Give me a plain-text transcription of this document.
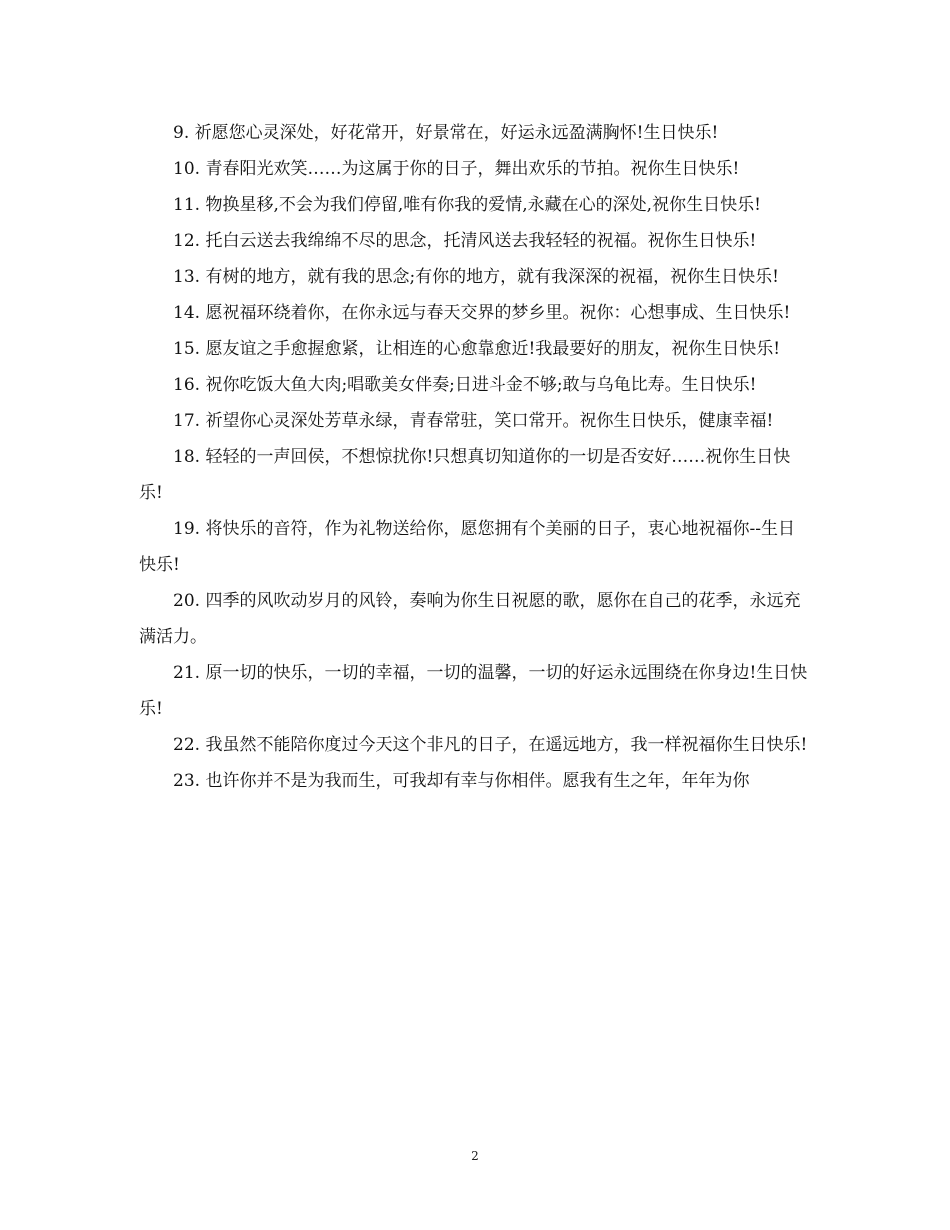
9. 祈愿您心灵深处，好花常开，好景常在，好运永远盈满胸怀!生日快乐!

10. 青春阳光欢笑……为这属于你的日子，舞出欢乐的节拍。祝你生日快乐!

11. 物换星移,不会为我们停留,唯有你我的爱情,永藏在心的深处,祝你生日快乐!

12. 托白云送去我绵绵不尽的思念，托清风送去我轻轻的祝福。祝你生日快乐!

13. 有树的地方，就有我的思念;有你的地方，就有我深深的祝福，祝你生日快乐!

14. 愿祝福环绕着你，在你永远与春天交界的梦乡里。祝你：心想事成、生日快乐!

15. 愿友谊之手愈握愈紧，让相连的心愈靠愈近!我最要好的朋友，祝你生日快乐!

16. 祝你吃饭大鱼大肉;唱歌美女伴奏;日进斗金不够;敢与乌龟比寿。生日快乐!

17. 祈望你心灵深处芳草永绿，青春常驻，笑口常开。祝你生日快乐，健康幸福!

18. 轻轻的一声回侯，不想惊扰你!只想真切知道你的一切是否安好……祝你生日快乐!

19. 将快乐的音符，作为礼物送给你，愿您拥有个美丽的日子，衷心地祝福你--生日快乐!

20. 四季的风吹动岁月的风铃，奏响为你生日祝愿的歌，愿你在自己的花季，永远充满活力。

21. 原一切的快乐，一切的幸福，一切的温馨，一切的好运永远围绕在你身边!生日快乐!

22. 我虽然不能陪你度过今天这个非凡的日子，在遥远地方，我一样祝福你生日快乐!

23. 也许你并不是为我而生，可我却有幸与你相伴。愿我有生之年，年年为你

2
